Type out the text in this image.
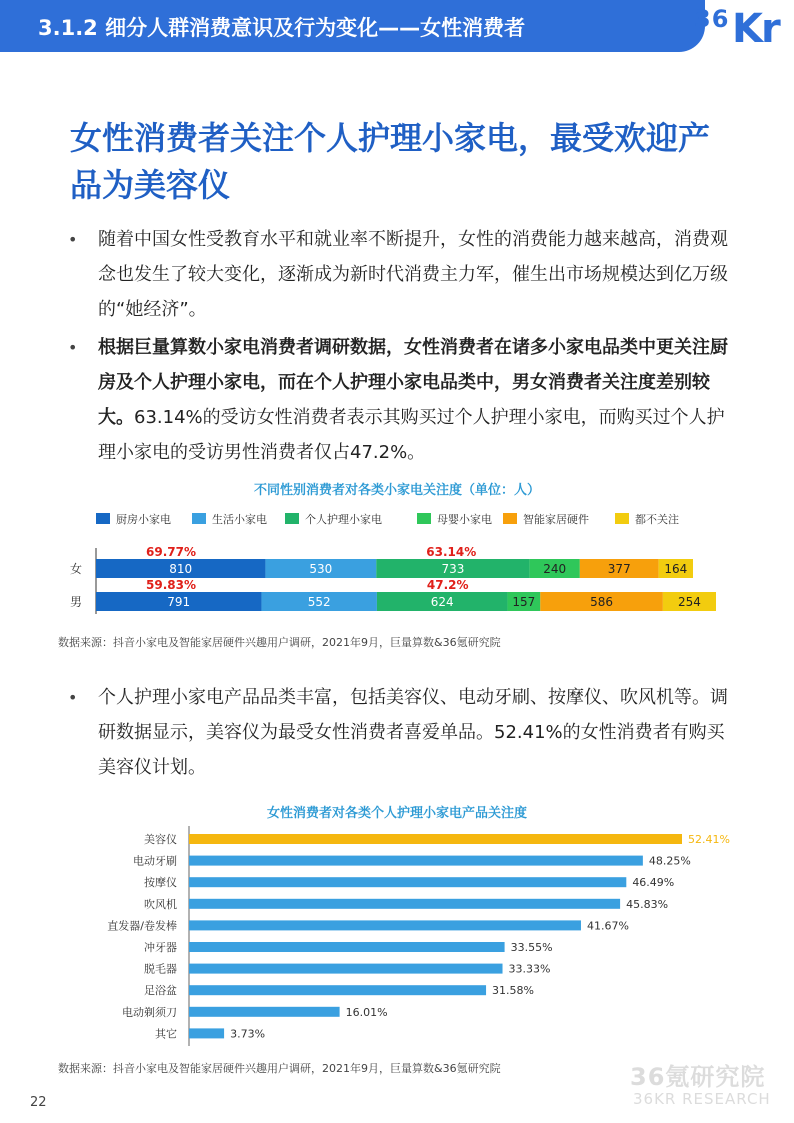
3.1.2 细分人群消费意识及行为变化——女性消费者	36 Kr
女性消费者关注个人护理小家电，最受欢迎产品为美容仪

• 随着中国女性受教育水平和就业率不断提升，女性的消费能力越来越高，消费观念也发生了较大变化，逐渐成为新时代消费主力军，催生出市场规模达到亿万级的“她经济”。

• 根据巨量算数小家电消费者调研数据，女性消费者在诸多小家电品类中更关注厨房及个人护理小家电，而在个人护理小家电品类中，男女消费者关注度差别较大。63.14%的受访女性消费者表示其购买过个人护理小家电，而购买过个人护理小家电的受访男性消费者仅占47.2%。

不同性别消费者对各类小家电关注度（单位：人）
厨房小家电	生活小家电	个人护理小家电	母婴小家电	智能家居硬件	都不关注
女	810	530	733	240	377	164
男	791	552	624	157	586	254
69.77%	63.14%
59.83%	47.2%
数据来源：抖音小家电及智能家居硬件兴趣用户调研，2021年9月，巨量算数&36氪研究院

• 个人护理小家电产品品类丰富，包括美容仪、电动牙刷、按摩仪、吹风机等。调研数据显示，美容仪为最受女性消费者喜爱单品。52.41%的女性消费者有购买美容仪计划。

女性消费者对各类个人护理小家电产品关注度
美容仪	52.41%
电动牙刷	48.25%
按摩仪	46.49%
吹风机	45.83%
直发器/卷发棒	41.67%
冲牙器	33.55%
脱毛器	33.33%
足浴盆	31.58%
电动剃须刀	16.01%
其它	3.73%
数据来源：抖音小家电及智能家居硬件兴趣用户调研，2021年9月，巨量算数&36氪研究院
22
36氪研究院
36KR RESEARCH
